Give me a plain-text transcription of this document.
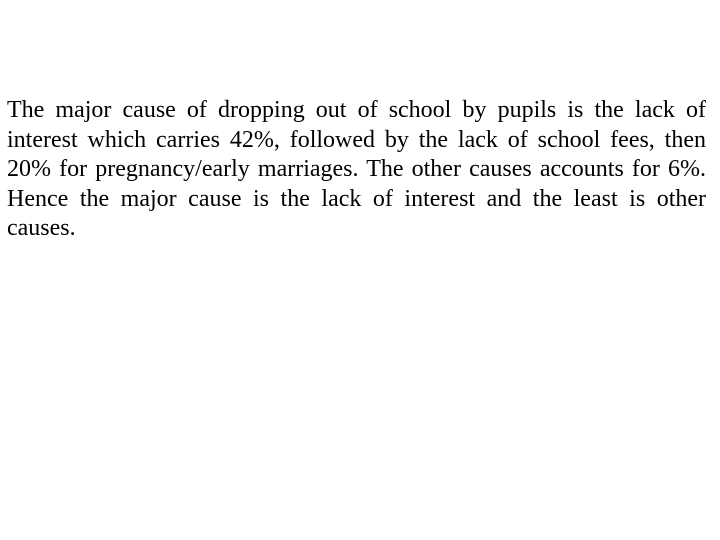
The major cause of dropping out of school by pupils is the lack of interest which carries 42%, followed by the lack of school fees, then 20% for pregnancy/early marriages. The other causes accounts for 6%. Hence the major cause is the lack of interest and the least is other causes.
